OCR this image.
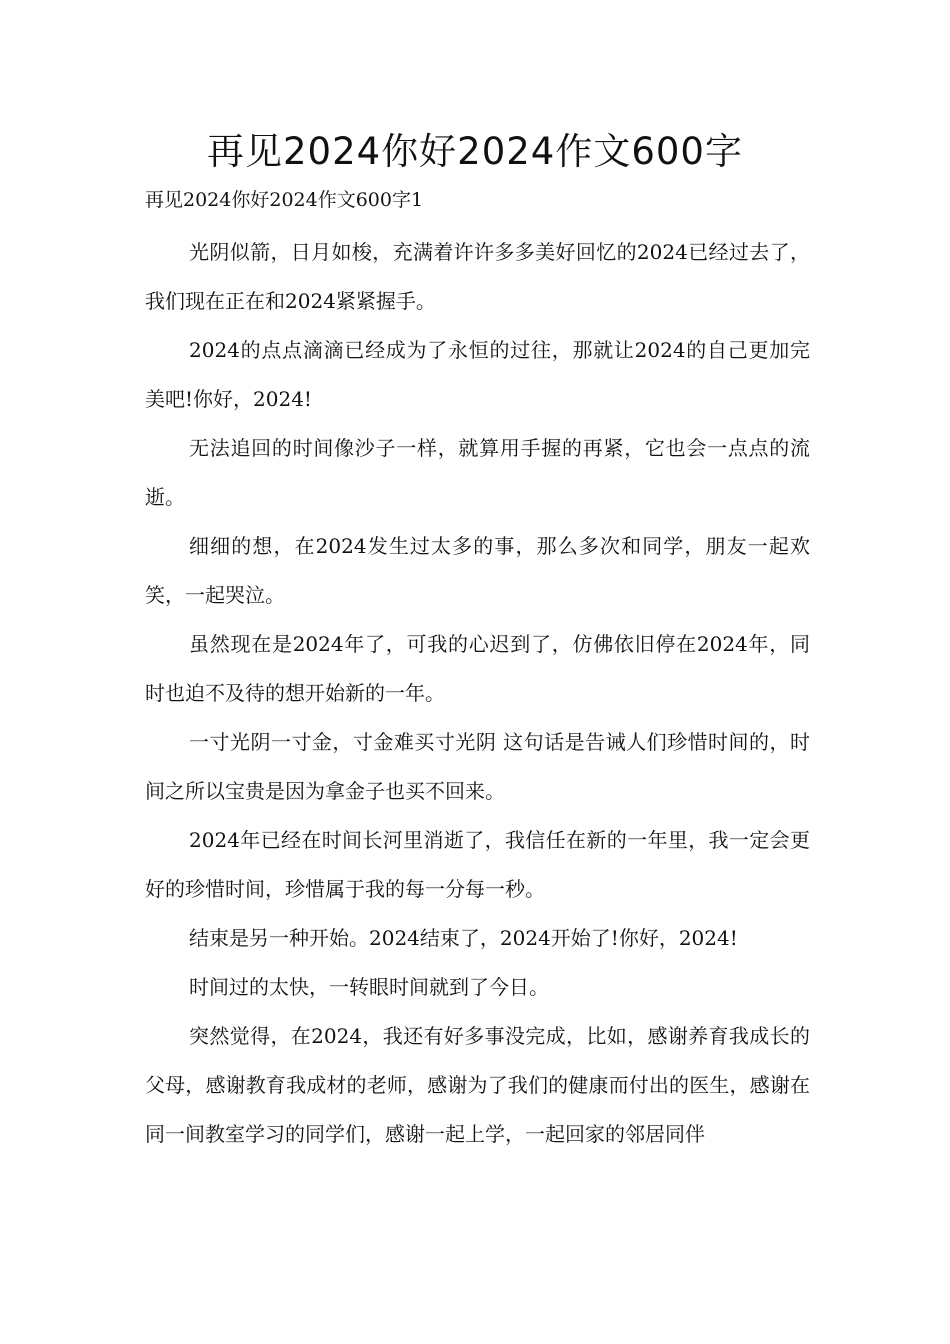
再见2024你好2024作文600字

再见2024你好2024作文600字1

光阴似箭，日月如梭，充满着许许多多美好回忆的2024已经过去了，我们现在正在和2024紧紧握手。

2024的点点滴滴已经成为了永恒的过往，那就让2024的自己更加完美吧!你好，2024!

无法追回的时间像沙子一样，就算用手握的再紧，它也会一点点的流逝。

细细的想，在2024发生过太多的事，那么多次和同学，朋友一起欢笑，一起哭泣。

虽然现在是2024年了，可我的心迟到了，仿佛依旧停在2024年，同时也迫不及待的想开始新的一年。

一寸光阴一寸金，寸金难买寸光阴 这句话是告诫人们珍惜时间的，时间之所以宝贵是因为拿金子也买不回来。

2024年已经在时间长河里消逝了，我信任在新的一年里，我一定会更好的珍惜时间，珍惜属于我的每一分每一秒。

结束是另一种开始。2024结束了，2024开始了!你好，2024!

时间过的太快，一转眼时间就到了今日。

突然觉得，在2024，我还有好多事没完成，比如，感谢养育我成长的父母，感谢教育我成材的老师，感谢为了我们的健康而付出的医生，感谢在同一间教室学习的同学们，感谢一起上学，一起回家的邻居同伴
